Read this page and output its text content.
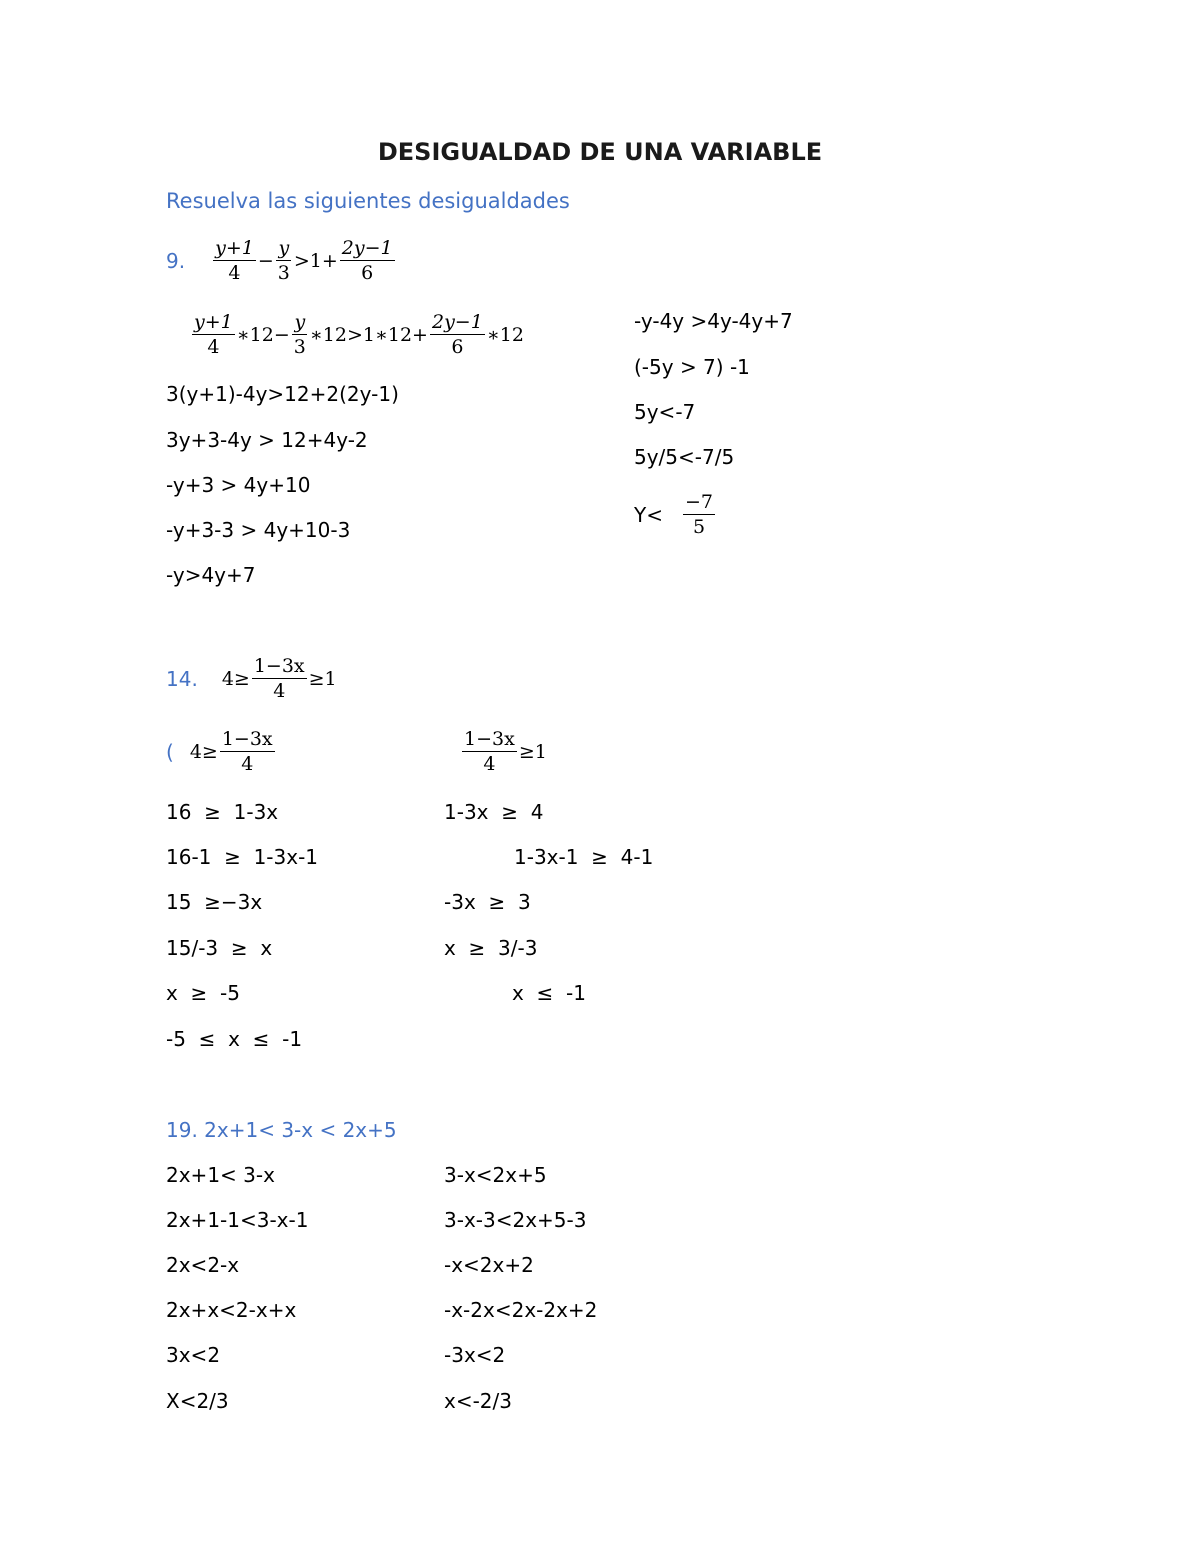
DESIGUALDAD DE UNA VARIABLE
Resuelva las siguientes desigualdades
9. $\frac{y+1}{4} - \frac{y}{3} >1+ \frac{2y-1}{6}$
$\frac{y+1}{4}$ ∗12− $\frac{y}{3}$ ∗12>1∗12+ $\frac{2y-1}{6}$ ∗12
3(y+1)-4y>12+2(2y-1)
3y+3-4y > 12+4y-2
-y+3 > 4y+10
-y+3-3 > 4y+10-3
-y>4y+7
-y-4y >4y-4y+7
(-5y > 7) -1
5y<-7
5y/5<-7/5
$Y< \frac{-7}{5}$
14. $4\ge \frac{1-3x}{4} \ge 1$
( $4\ge \frac{1-3x}{4}$	$\frac{1-3x}{4} \ge 1$
16  ≥  1-3x
16-1  ≥  1-3x-1
15  ≥−3x
15/-3  ≥  x
x  ≥  -5
-5  ≤  x  ≤  -1
1-3x  ≥  4
1-3x-1  ≥  4-1
-3x  ≥  3
x  ≥  3/-3
x  ≤  -1
19. 2x+1< 3-x < 2x+5
2x+1< 3-x
2x+1-1<3-x-1
2x<2-x
2x+x<2-x+x
3x<2
X<2/3
3-x<2x+5
3-x-3<2x+5-3
-x<2x+2
-x-2x<2x-2x+2
-3x<2
x<-2/3
